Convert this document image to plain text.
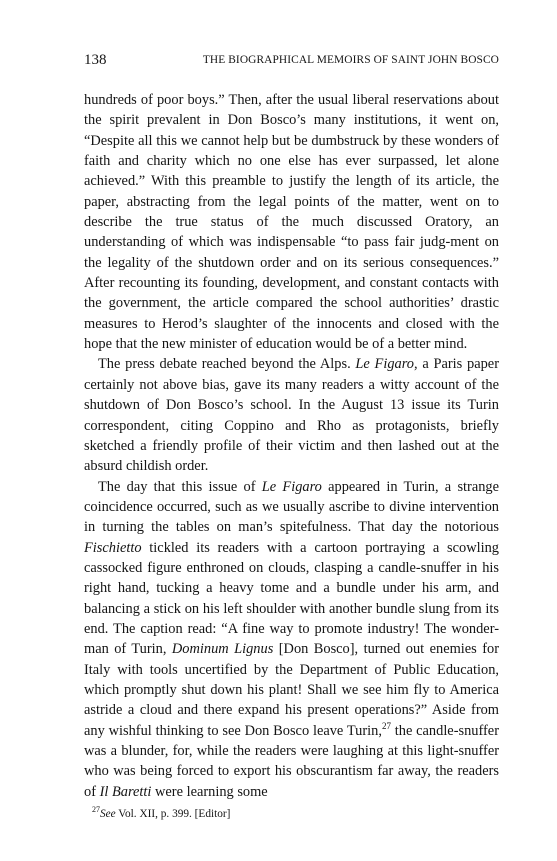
138	THE BIOGRAPHICAL MEMOIRS OF SAINT JOHN BOSCO

hundreds of poor boys.” Then, after the usual liberal reservations about the spirit prevalent in Don Bosco’s many institutions, it went on, “Despite all this we cannot help but be dumbstruck by these wonders of faith and charity which no one else has ever surpassed, let alone achieved.” With this preamble to justify the length of its article, the paper, abstracting from the legal points of the matter, went on to describe the true status of the much discussed Oratory, an understanding of which was indispensable “to pass fair judg-ment on the legality of the shutdown order and on its serious consequences.” After recounting its founding, development, and constant contacts with the government, the article compared the school authorities’ drastic measures to Herod’s slaughter of the innocents and closed with the hope that the new minister of education would be of a better mind.

The press debate reached beyond the Alps. Le Figaro, a Paris paper certainly not above bias, gave its many readers a witty account of the shutdown of Don Bosco’s school. In the August 13 issue its Turin correspondent, citing Coppino and Rho as protagonists, briefly sketched a friendly profile of their victim and then lashed out at the absurd childish order.

The day that this issue of Le Figaro appeared in Turin, a strange coincidence occurred, such as we usually ascribe to divine intervention in turning the tables on man’s spitefulness. That day the notorious Fischietto tickled its readers with a cartoon portraying a scowling cassocked figure enthroned on clouds, clasping a candle-snuffer in his right hand, tucking a heavy tome and a bundle under his arm, and balancing a stick on his left shoulder with another bundle slung from its end. The caption read: “A fine way to promote industry! The wonder-man of Turin, Dominum Lignus [Don Bosco], turned out enemies for Italy with tools uncertified by the Department of Public Education, which promptly shut down his plant! Shall we see him fly to America astride a cloud and there expand his present operations?” Aside from any wishful thinking to see Don Bosco leave Turin,$^{27}$ the candle-snuffer was a blunder, for, while the readers were laughing at this light-snuffer who was being forced to export his obscurantism far away, the readers of Il Baretti were learning some

$^{27}$See Vol. XII, p. 399. [Editor]
